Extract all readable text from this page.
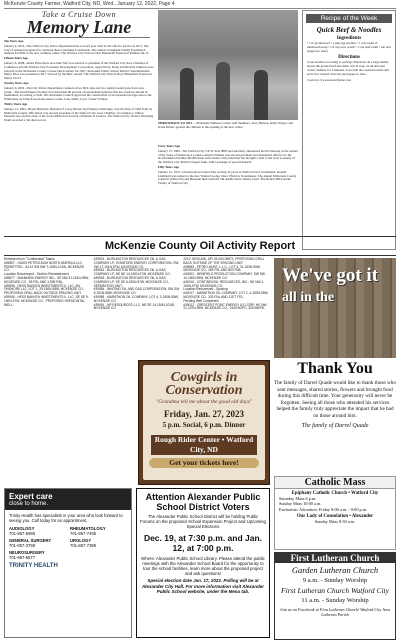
McKenzie County Farmer, Watford City, ND, Wed., January 12, 2022, Page 4
Take a Cruise Down
Memory Lane

Ten Years Ago

January 9, 2012...The Watford City Police Department had a record year with 6,163 calls for service in 2011. The City of Arnegard prepared to celebrate their Centennial Celebration. The Gilbert Josephson Family Foundation donated $12,000 to the new wellness center. The Watford City Wolves Girls Basketball Team beat Killdeer 64-17.

Fifteen Years Ago

January 9, 2008...Dawn Hosecheck and Janie Naf were elected to president of the Watford City Area Chamber of Commerce and the Watford City Economic Development Corporation, respectively. Kraig and Richard Johnson were selected as the McKenzie County Conservation winner for 2007. Alexander Public School District Superintendent Marty Elias was presented with a "Sacred by the Bell" Award. The Watford City Wolves Boys Basketball Team beat Surrey 64-33.

Twenty Years Ago

January 9, 2002...The City Police Department conducted two DUI, gun and two spring loaded guns from area youth... The North Dakota Poultry Fed stated that 90 percent of respondents believed that low reserves should be maintained, according to Seth. The Alexander Council approved the construction of an expanded storage area to the Wilderness on Church boom the senior rooms. Lane Tuttle, Lyon "Lions" Fitness.

Thirty Years Ago

January 13, 1992...Bryan Henricks, husband of Corey Brown and Wesley Lillebridge, vote the help of 1993 from its McKenzie County. Phil Olson was elected president of the Watford City Area Chamber of Commerce. Timon Stenseth was elected chair of the Social Historical Society of Historical Leaders. The Watford City Wolves Wrestling Team recorded a 3rd dual record.

THROWBACK TO 2012 ... McKenzie Wellness Center staff members, Jerry Hanson, Kelly Weigel, and Kasie Kliner, greeted the children at the opening of the new center.

Forty Years Ago

January 13, 1982...The Watford City V.F.W. Post 9885 and Auxiliary announced Kevin Nestong as the winner of the Voice of Democracy Contest. Angela Whelan was elected president and designated officers for the North Dakota Weather Modification Association. Oil production has brought a shot to the local economy of the Watford City district's largest bank, with a package of special hazards.

Fifty Years Ago

January 12, 1972...Clarence Ross retired after serving 24 years as Watford City's Postmaster. Donald Lindblom was named to the new Watford Lodge. Dave Pfleid as Scoutmaster. The annual McKenzie County Carnival (Eintracht) and Pheasant hunt team the Ski Amble Snow Nature event. The Robert Hill Gunder Family of Watford City.

Recipe of the Week
Quick Beef & Noodles
Ingredients
• 1 lb ground beef • 1 pkg egg noodles • 1 can cream of mushroom soup • 1/2 cup sour cream • 1 cup beef broth • salt and pepper (to taste)
Directions
Cook noodles according to package directions. In a large skillet, brown the ground beef and drain. Stir in soup, broth and sour cream. Simmer for 5 minutes. Toss with the cooked noodles and serve hot. Season with salt and pepper to taste.
Courtesy of www.tasteofhome.com
McKenzie County Oil Activity Report
Released from "Confidential" Status
#39857 - OASIS PETROLEUM NORTH AMERICA LLC, PERMITTED - 54.42 SW NW 7-150N-101W, MCKENZIE CO.
Location Resurveyed - Section Reinstatement
#39877 - MANMARK ENERGY INC., SE NW 31-151N-99W, MCKENZIE CO., 95 FSL AND 1,555 FWL.
#39898 - HESS BAKKEN INVESTMENTS II, LLC, AN ONSHORE LLC, LOT 1, 29-150N-98W, MCKENZIE CO., PROPOSING DRILL BACK OUTSIDE SPACING UNIT.
#39906 - HESS BAKKEN INVESTMENTS II, LLC, SE SE 9-150N-97W, MCKENZIE CO., PROPOSED HORIZONTAL WELL.
#39931 - BURLINGTON RESOURCES OIL & GAS COMPANY LP, STANFORD ENERGY CORPORATION, SW SW 17-151N-97W, MCKENZIE CO.
#39942 - BURLINGTON RESOURCES OIL & GAS COMPANY LP, NE NE 14-150N-97W, MCKENZIE CO.
#39953 - BURLINGTON RESOURCES OIL & GAS COMPANY LP, SE SE 5-150N-97W, MCKENZIE CO., SEPARATION UNIT.
#39984 - WHITING OIL AND GAS CORPORATION, SW SW 8-152N-98W, MCKENZIE CO.
#39985 - MARATHON OIL COMPANY, LOT 4, 3-150N-95W, MCKENZIE CO.
#39991 - NP RESOURCES, LLC, NE SE 14-150N-101W, MCKENZIE CO.
2212' GROUND, API 33-053-09872, PROPOSING DRILL BACK OUTSIDE OF THE SPACING UNIT.
#39995 - PETRO-HUNT, L.L.C., LOT 4, 31-153N-95W, MCKENZIE CO., 269 FSL AND 800 FWL.
#40002 - NEWFIELD PRODUCTION COMPANY, SW SW 10-150N-99W, MCKENZIE CO.
#40016 - CONTINENTAL RESOURCES, INC., NE NW 2-150N-97W, MCKENZIE CO.
Location Resurveyed - Spacing
#40017 - MARATHON OIL COMPANY, LOT 2, 4-150N-95W, MCKENZIE CO., 333 FNL AND 1,877 FEL.
Pending Well Completed
#39012 - CRESCENT POINT ENERGY US CORP, NE NW 21-157N-99W, MCKENZIE CO., 2430 BOPD, 300 BWPD.
We've got it
all in the
Thank You
The family of Darrel Quade would like to thank those who sent messages, shared stories, flowers and brought food during this difficult time. Your generosity will never be forgotten. Seeing all those who attended his services helped the family truly appreciate the impact that he had on those around him.
The family of Darrel Quade
Cowgirls in Conservation
"Grandma tell me about the good old days"
Friday, Jan. 27, 2023
5 p.m. Social, 6 p.m. Dinner
Rough Rider Center • Watford City, ND
Get your tickets here!
Expert care
close to home.
Trinity Health has specialists in your area who look forward to seeing you. Call today for an appointment.
AUDIOLOGY
701-857-5986
RHEUMATOLOGY
701-857-7495
GENERAL SURGERY
701-857-3798
UROLOGY
701-857-7396
NEUROSURGERY
701-857-5877
TRINITY HEALTH
Attention Alexander Public School District Voters
The Alexander Public School District will be holding Public Forums on the proposed School Expansion Project and Upcoming Special Elections
Dec. 19, at 7:30 p.m. and Jan. 12, at 7:00 p.m.
Where: Alexander Public School Library. Please attend the public meetings with the Alexander School Board for the opportunity to tour the school facilities, learn more about the proposed project and ask questions!
Special election date Jan. 17, 2022. Polling will be at Alexander City Hall. For more information visit Alexander Public School website, under the Mena tab.
Catholic Mass
Epiphany Catholic Church • Watford City
Saturday Mass 6 p.m.
Sunday Mass 10:00 a.m.
Eucharistic Adoration: Friday 8:00 a.m. - 9:00 p.m.
Our Lady of Consolation • Alexander
Sunday Mass 8:30 a.m.
First Lutheran Church
Garden Lutheran Church
9 a.m. - Sunday Worship
First Lutheran Church Watford City
11 a.m. - Sunday Worship
Join us on Facebook at First Lutheran Church/ Watford City Area Lutheran Parish
